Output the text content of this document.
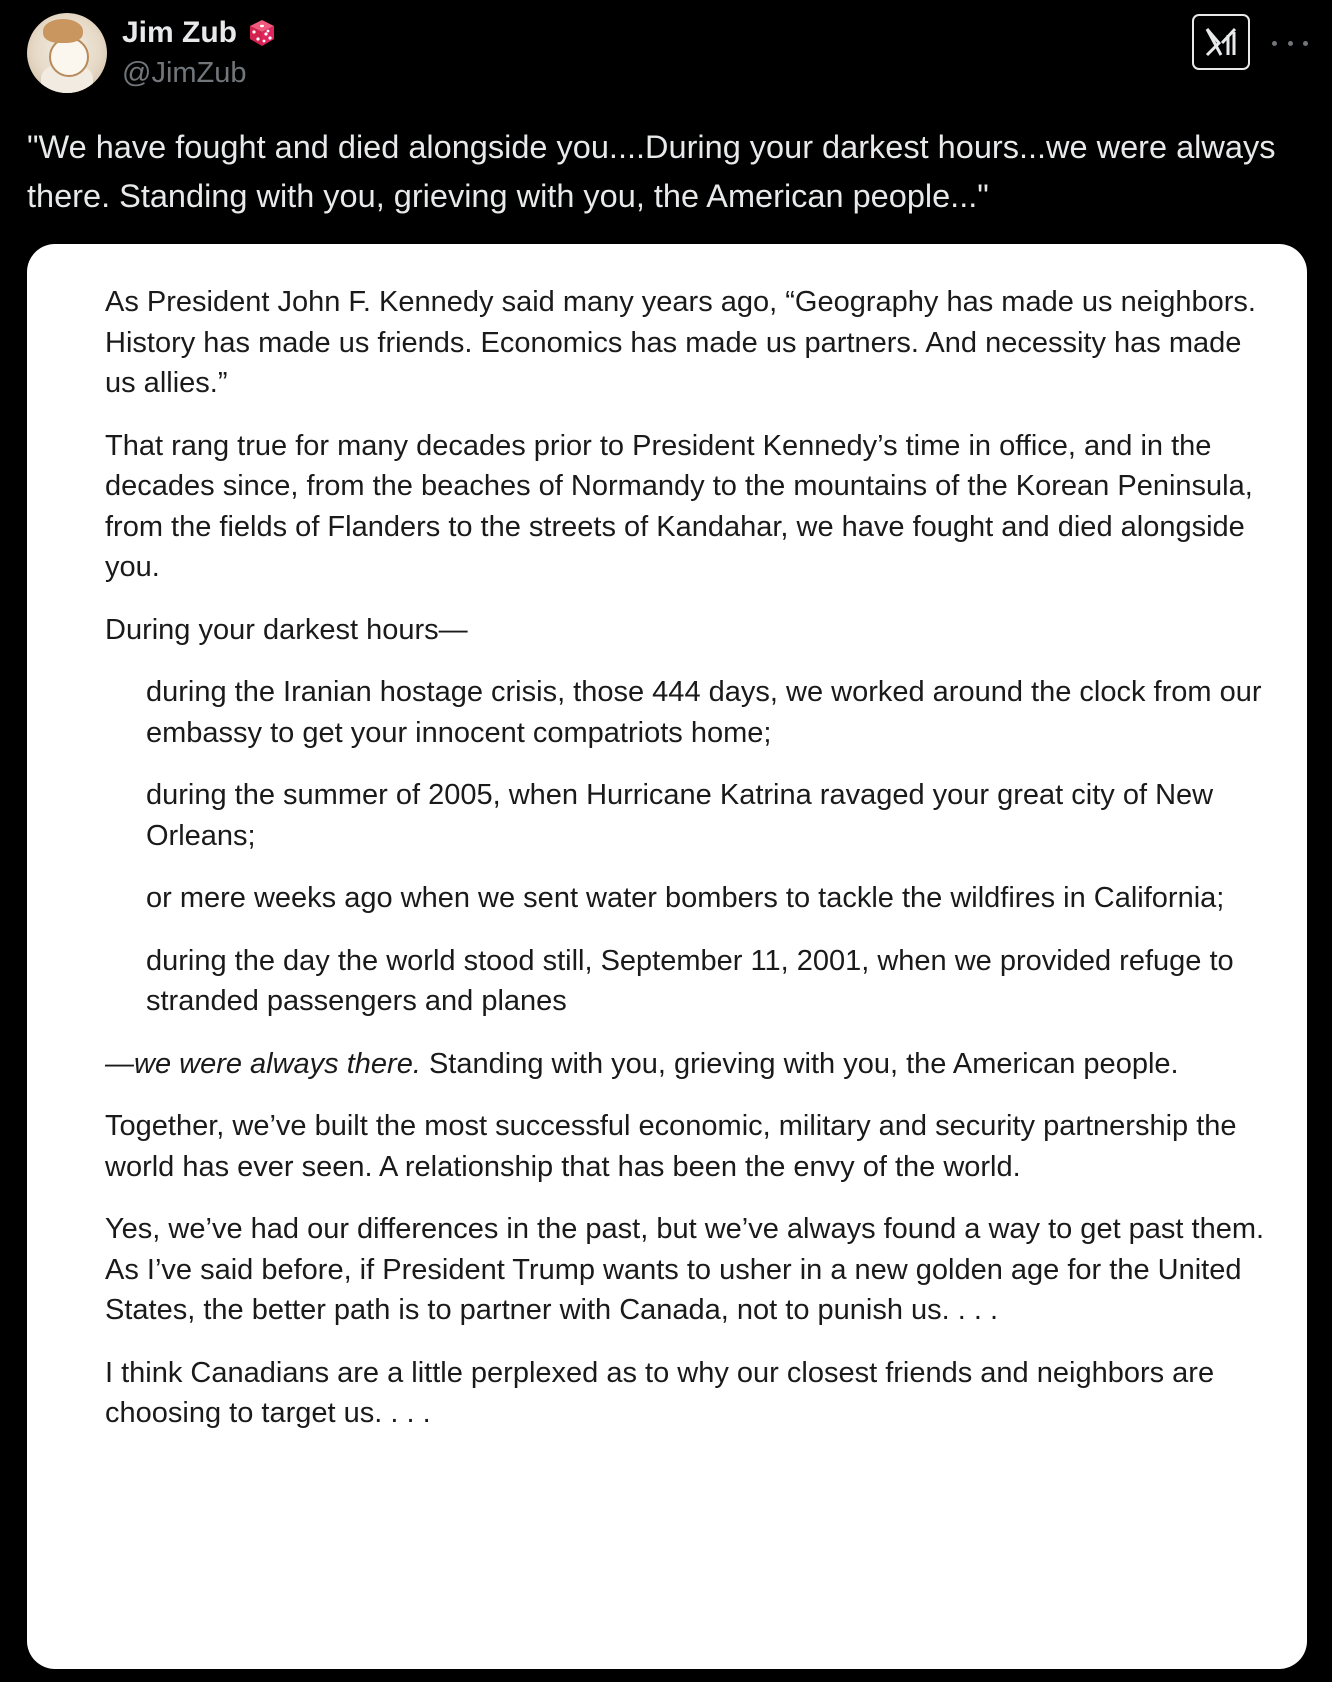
Jim Zub
@JimZub
"We have fought and died alongside you....During your darkest hours...we were always there. Standing with you, grieving with you, the American people..."

As President John F. Kennedy said many years ago, “Geography has made us neighbors. History has made us friends. Economics has made us partners. And necessity has made us allies.”

That rang true for many decades prior to President Kennedy’s time in office, and in the decades since, from the beaches of Normandy to the mountains of the Korean Peninsula, from the fields of Flanders to the streets of Kandahar, we have fought and died alongside you.

During your darkest hours—

during the Iranian hostage crisis, those 444 days, we worked around the clock from our embassy to get your innocent compatriots home;

during the summer of 2005, when Hurricane Katrina ravaged your great city of New Orleans;

or mere weeks ago when we sent water bombers to tackle the wildfires in California;

during the day the world stood still, September 11, 2001, when we provided refuge to stranded passengers and planes

—we were always there. Standing with you, grieving with you, the American people.

Together, we’ve built the most successful economic, military and security partnership the world has ever seen. A relationship that has been the envy of the world.

Yes, we’ve had our differences in the past, but we’ve always found a way to get past them. As I’ve said before, if President Trump wants to usher in a new golden age for the United States, the better path is to partner with Canada, not to punish us. . . .

I think Canadians are a little perplexed as to why our closest friends and neighbors are choosing to target us. . . .
